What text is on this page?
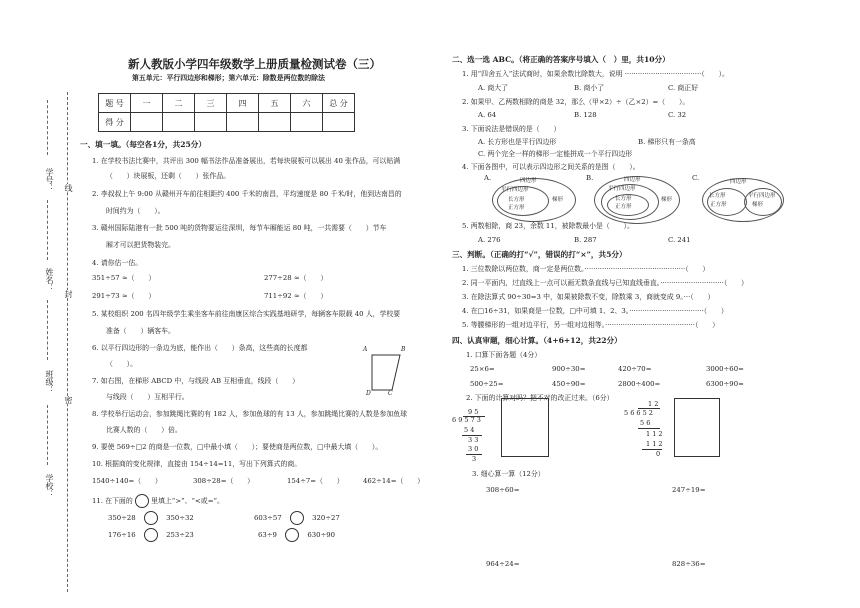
学号：
姓名：
班级：
学校：
线
封
密
新人教版小学四年级数学上册质量检测试卷（三）
第五单元：平行四边形和梯形；第六单元：除数是两位数的除法
题 号	一	二	三	四	五	六	总 分
得 分							
一、填一填。（每空各1分，共25分）
1. 在学校书法比赛中，共评出 300 幅书法作品准备展出，若每块展板可以展出 40 张作品，可以贴满
（　　）块展板，还剩（　　）张作品。
2. 李叔叔上午 9:00 从赣州开车前往相距约 400 千米的南昌，平均速度是 80 千米/时，他到达南昌的
时间约为（　　）。
3. 赣州国际陆港有一批 500 吨的货物要运往深圳，每节车厢能运 80 吨，一共需要（　　）节车
厢才可以把货物装完。
4. 请你估一估。
351÷57 ≈（　　）	277÷28 ≈（　　）
291÷73 ≈（　　）	711÷92 ≈（　　）
5. 某校组织 200 名四年级学生乘坐客车前往南康区综合实践基地研学，每辆客车限载 40 人，学校要
准备（　　）辆客车。
6. 以平行四边形的一条边为底，能作出（　　）条高，这些高的长度都
（　　）。
7. 如右图，在梯形 ABCD 中，与线段 AB 互相垂直，线段（　　）
与线段（　　）互相平行。
A	B
D	C
8. 学校举行运动会，参加跳绳比赛的有 182 人，参加鱼球的有 13 人，参加跳绳比赛的人数是参加鱼球
比赛人数的（　　）倍。
9. 要使 569÷□2 的商是一位数，□中最小填（　　）；要使商是两位数，□中最大填（　　）。
10. 根据商的变化规律，直接由 154÷14=11，写出下列算式的商。
1540÷140=（　　）	308÷28=（　　）	154÷7=（　　）	462÷14=（　　）
11. 在下面的	里填上“>”、“<或=”。
350÷28	350÷32	603÷57	320÷27
176÷16	253÷23	63÷9	630÷90
二、选一选 ABC。（将正确的答案序号填入（　）里，共10分）
1. 用“四舍五入”法试商时，如果余数比除数大，说明 ···································（　　）。
A. 商大了	B. 商小了	C. 商正好
2. 如果甲、乙两数相除的商是 32，那么（甲×2）÷（乙×2）=（　　）。
A. 64	B. 128	C. 32
3. 下面说法是错误的是（　　）
A. 长方形也是平行四边形	B. 梯形只有一条高
C. 两个完全一样的梯形一定能拼成一个平行四边形
4. 下面各图中，可以表示四边形之间关系的是图（　　）。
A.	四边形
平行四边形
长方形
正方形
梯形
B.	四边形
平行四边形
长方形
正方形
梯形
C.	四边形
长方形
正方形
平行四边形
梯形
5. 两数相除，商 23，余数 11，被除数最小是（　　）。
A. 276	B. 287	C. 241
三、判断。（正确的打“√”，错误的打“×”，共5分）
1. 三位数除以两位数，商一定是两位数。··············································（　　）
2. 同一平面内，过直线上一点可以画无数条直线与已知直线垂直。·····························（　　）
3. 在除法算式 90÷30=3 中，如果被除数不变，除数乘 3，商就变成 9。···（　　）
4. 在□16÷31，如果商是一位数，□中可填 1、2、3。··································（　　）
5. 等腰梯形的一组对边平行，另一组对边相等。·········································（　　）
四、认真审题，细心计算。（4+6+12，共22分）
1. 口算下面各题（4分）
25×6=	900÷30=	420÷70=	3000÷60=
500÷25=	450÷90=	2800÷400=	6300÷90=
2. 下面的计算对吗？把不对的改正过来。（6分）
9 5
6 9 5 7 3
5 4
3 3
3 0
3
1 2
5 6 6 5 2
5 6
1 1 2
1 1 2
0
3. 细心算一算（12分）
308÷60=	247÷19=
964÷24=	828÷36=
